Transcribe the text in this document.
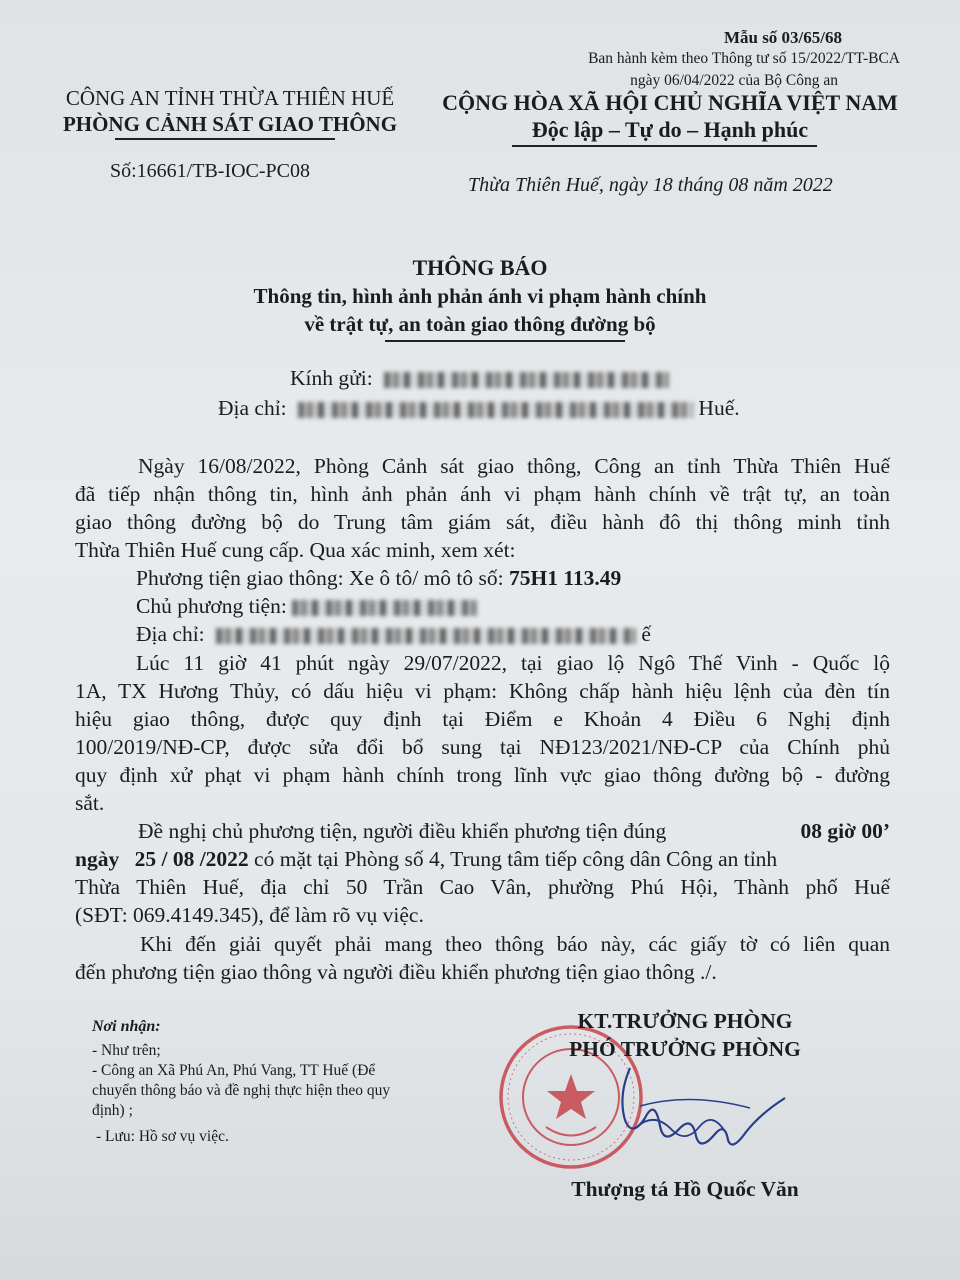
Mẫu số 03/65/68
Ban hành kèm theo Thông tư số 15/2022/TT-BCA
ngày 06/04/2022 của Bộ Công an
CÔNG AN TỈNH THỪA THIÊN HUẾ
PHÒNG CẢNH SÁT GIAO THÔNG
Số:16661/TB-IOC-PC08
CỘNG HÒA XÃ HỘI CHỦ NGHĨA VIỆT NAM
Độc lập – Tự do – Hạnh phúc
Thừa Thiên Huế, ngày 18 tháng 08 năm 2022
THÔNG BÁO
Thông tin, hình ảnh phản ánh vi phạm hành chính
về trật tự, an toàn giao thông đường bộ
Kính gửi:
Địa chỉ:	Huế.
Ngày 16/08/2022, Phòng Cảnh sát giao thông, Công an tỉnh Thừa Thiên Huế
đã tiếp nhận thông tin, hình ảnh phản ánh vi phạm hành chính về trật tự, an toàn
giao thông đường bộ do Trung tâm giám sát, điều hành đô thị thông minh tỉnh
Thừa Thiên Huế cung cấp. Qua xác minh, xem xét:
Phương tiện giao thông: Xe ô tô/ mô tô số: 75H1 113.49
Chủ phương tiện:
Địa chỉ:	ế
Lúc 11 giờ 41 phút ngày 29/07/2022, tại giao lộ Ngô Thế Vinh - Quốc lộ
1A, TX Hương Thủy, có dấu hiệu vi phạm: Không chấp hành hiệu lệnh của đèn tín
hiệu giao thông, được quy định tại Điểm e Khoản 4 Điều 6 Nghị định
100/2019/NĐ-CP, được sửa đổi bổ sung tại NĐ123/2021/NĐ-CP của Chính phủ
quy định xử phạt vi phạm hành chính trong lĩnh vực giao thông đường bộ - đường
sắt.
Đề nghị chủ phương tiện, người điều khiển phương tiện đúng	08 giờ 00’
ngày 25 / 08 /2022 có mặt tại Phòng số 4, Trung tâm tiếp công dân Công an tỉnh
Thừa Thiên Huế, địa chỉ 50 Trần Cao Vân, phường Phú Hội, Thành phố Huế
(SĐT: 069.4149.345), để làm rõ vụ việc.
Khi đến giải quyết phải mang theo thông báo này, các giấy tờ có liên quan
đến phương tiện giao thông và người điều khiển phương tiện giao thông ./.
Nơi nhận:
- Như trên;
- Công an Xã Phú An, Phú Vang, TT Huế (Để
chuyển thông báo và đề nghị thực hiện theo quy
định) ;
- Lưu: Hồ sơ vụ việc.
KT.TRƯỞNG PHÒNG
PHÓ TRƯỞNG PHÒNG
Thượng tá Hồ Quốc Văn
